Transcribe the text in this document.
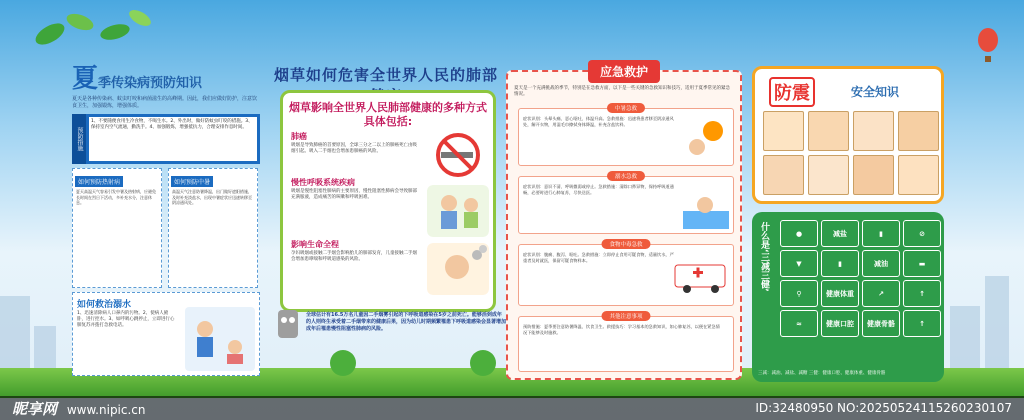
夏季传染病预防知识
夏天是各种传染病、蚊虫叮咬和病菌滋生的高峰期。因此，我们应做好防护，注意饮食卫生，加强锻炼，增强体质。
预防措施
1、不要随便食用生冷食物，不喝生水。2、外出时，做好防蚊虫叮咬的措施。3、保持室内空气流通，勤洗手。4、加强锻炼，增强抵抗力，合理安排作息时间。
如何预防热射病
夏天高温天气容易引发中暑及热射病，应避免长时间在烈日下活动，多补充水分，注意休息。
如何预防中暑
高温天气注意防暑降温，出门做好遮阳措施，及时补充淡盐水，出现中暑症状应迅速转移至阴凉通风处。
如何救治溺水
1、迅速清除病人口鼻内的污物。2、使病人俯卧，进行控水。3、如呼吸心跳停止，立即进行心肺复苏并拨打急救电话。
烟草如何危害全世界人民的肺部
烟草影响全世界人民肺部健康的多种方式
具体包括:
肺癌
吸烟是导致肺癌的首要原因，全球三分之二以上的肺癌死亡由吸烟引起。吸入二手烟也会增加患肺癌的风险。
慢性呼吸系统疾病
吸烟是慢性阻塞性肺病的主要原因，慢性阻塞性肺病会导致肺部充满脓液，造成痛苦的咳嗽和呼吸困难。
影响生命全程
孕妇吸烟或接触二手烟会影响胎儿的肺部发育，儿童接触二手烟会增加患哮喘和呼吸道感染的风险。
全球估计有16.5万名儿童因二手烟雾引起的下呼吸道感染在5岁之前死亡。能够活到成年的人则终生承受着二手烟带来的健康后果，因为幼儿时期频繁罹患下呼吸道感染会显著增加成年后罹患慢性阻塞性肺病的风险。
应急救护
夏天是一个充满挑战的季节，特别是在急救方面，以下是一些关键的急救知识和技巧，适用于夏季常见的紧急情况。
中暑急救
症状识别：头晕头痛、恶心呕吐、体温升高。急救措施：迅速将患者移至阴凉通风处，解开衣物，用湿毛巾擦拭身体降温，补充含盐饮料。
溺水急救
症状识别：意识不清、呼吸微弱或停止。急救措施：清除口鼻异物，保持呼吸道通畅，必要时进行心肺复苏，尽快送医。
食物中毒急救
症状识别：腹痛、腹泻、呕吐。急救措施：立即停止食用可疑食物，适量饮水，严重者及时就医，保留可疑食物样本。
其他注意事项
预防措施：夏季要注意防暑降温、饮食卫生。救援技巧：学习基本的急救知识，如心肺复苏，以便在紧急情况下能够及时施救。
防震	安全知识
什么是‘三减三健’	●	减盐	▮	⊘
▼	▮	减油	▬
⚲	健康体重	↗	↑
≈	健康口腔	健康骨骼	↑
三减：减油、减盐、减糖 三健：健康口腔、健康体重、健康骨骼
昵享网 www.nipic.cn	ID:32480950 NO:20250524115260230107
